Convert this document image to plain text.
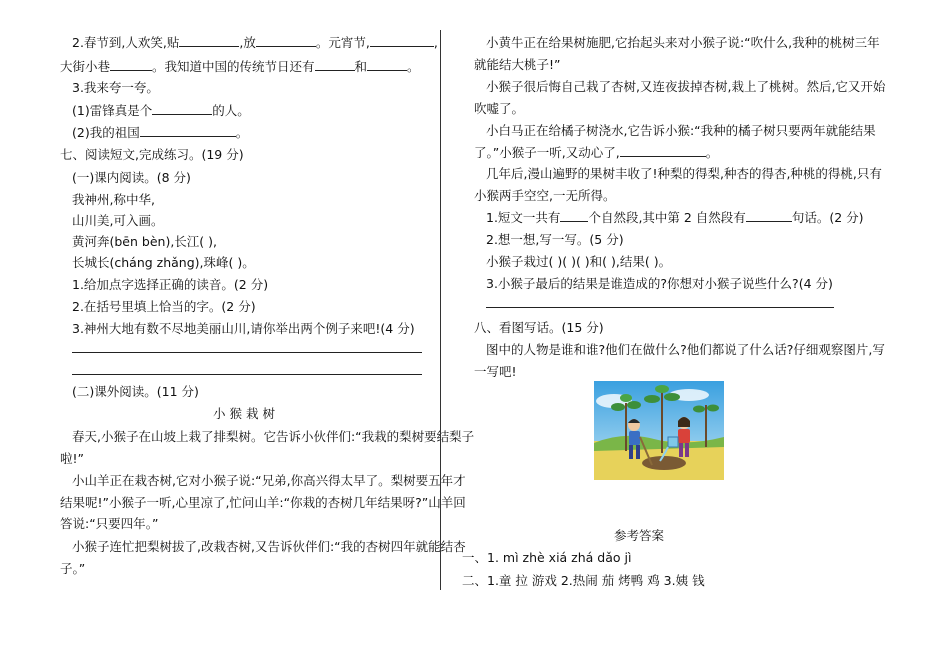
2.春节到,人欢笑,贴	,放	。元宵节,	,
大街小巷	。我知道中国的传统节日还有	和	。
3.我来夸一夸。
(1)雷锋真是个	的人。
(2)我的祖国	。
七、阅读短文,完成练习。(19 分)
(一)课内阅读。(8 分)
我神州,称中华,
山川美,可入画。
黄河奔(bēn bèn),长江( ),
长城长(cháng zhǎng),珠峰( )。
1.给加点字选择正确的读音。(2 分)
2.在括号里填上恰当的字。(2 分)
3.神州大地有数不尽地美丽山川,请你举出两个例子来吧!(4 分)
(二)课外阅读。(11 分)
小 猴 栽 树
春天,小猴子在山坡上栽了排梨树。它告诉小伙伴们:“我栽的梨树要结梨子
啦!”
小山羊正在栽杏树,它对小猴子说:“兄弟,你高兴得太早了。梨树要五年才
结果呢!”小猴子一听,心里凉了,忙问山羊:“你栽的杏树几年结果呀?”山羊回
答说:“只要四年。”
小猴子连忙把梨树拔了,改栽杏树,又告诉伙伴们:“我的杏树四年就能结杏
子。”
小黄牛正在给果树施肥,它抬起头来对小猴子说:“吹什么,我种的桃树三年
就能结大桃子!”
小猴子很后悔自己栽了杏树,又连夜拔掉杏树,栽上了桃树。然后,它又开始
吹嘘了。
小白马正在给橘子树浇水,它告诉小猴:“我种的橘子树只要两年就能结果
了。”小猴子一听,又动心了,	。
几年后,漫山遍野的果树丰收了!种梨的得梨,种杏的得杏,种桃的得桃,只有
小猴两手空空,一无所得。
1.短文一共有 个自然段,其中第 2 自然段有	句话。(2 分)
2.想一想,写一写。(5 分)
小猴子栽过( )( )( )和( ),结果( )。
3.小猴子最后的结果是谁造成的?你想对小猴子说些什么?(4 分)
八、看图写话。(15 分)
图中的人物是谁和谁?他们在做什么?他们都说了什么话?仔细观察图片,写
一写吧!
参考答案
一、1. mì zhè xiá zhá dǎo jì
二、1.童 拉 游戏 2.热闹 茄 烤鸭 鸡 3.姨 钱
